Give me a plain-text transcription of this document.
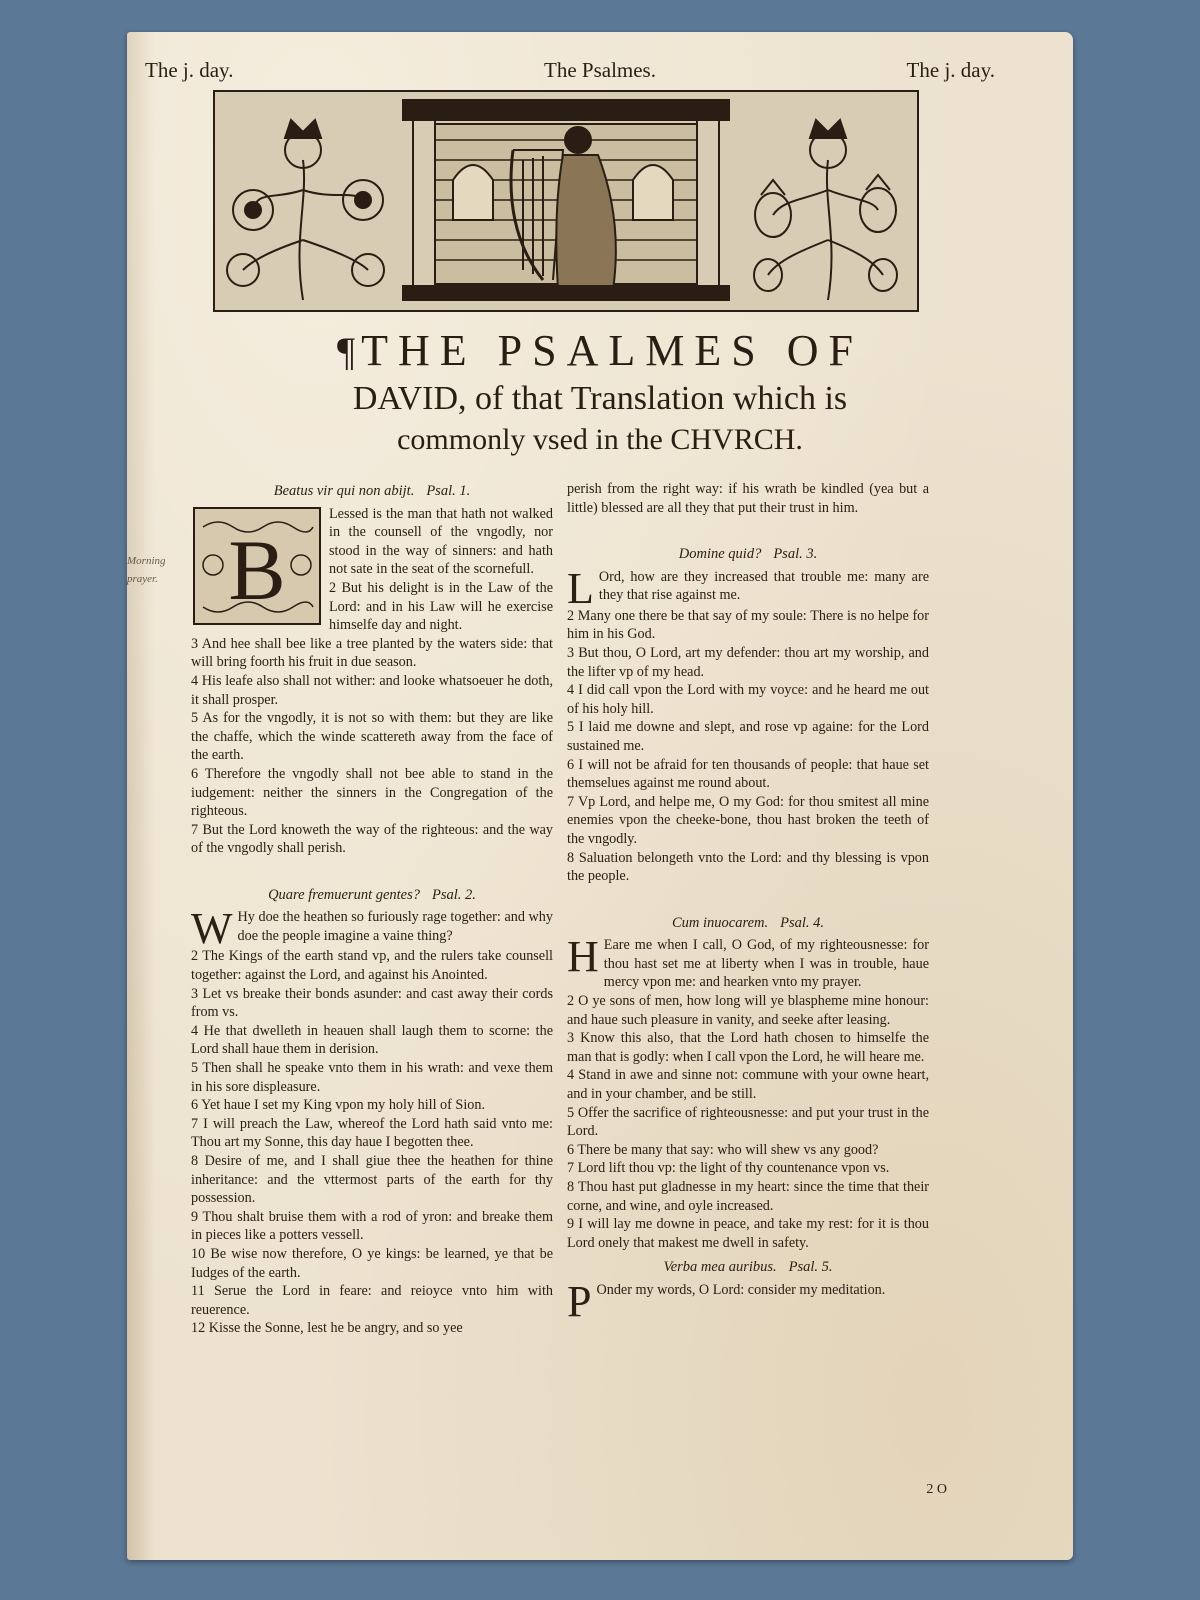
Morning prayer.
The j. day.	The Psalmes.	The j. day.
¶ THE PSALMES OF
DAVID, of that Translation which is
commonly vsed in the CHVRCH.
Beatus vir qui non abijt. Psal. 1.
B

Lessed is the man that hath not walked in the counsell of the vngodly, nor stood in the way of sinners: and hath not sate in the seat of the scornefull.

2 But his delight is in the Law of the Lord: and in his Law will he exercise himselfe day and night.

3 And hee shall bee like a tree planted by the waters side: that will bring foorth his fruit in due season.

4 His leafe also shall not wither: and looke whatsoeuer he doth, it shall prosper.

5 As for the vngodly, it is not so with them: but they are like the chaffe, which the winde scattereth away from the face of the earth.

6 Therefore the vngodly shall not bee able to stand in the iudgement: neither the sinners in the Congregation of the righteous.

7 But the Lord knoweth the way of the righteous: and the way of the vngodly shall perish.

Quare fremuerunt gentes? Psal. 2.

W Hy doe the heathen so furiously rage together: and why doe the people imagine a vaine thing?

2 The Kings of the earth stand vp, and the rulers take counsell together: against the Lord, and against his Anointed.

3 Let vs breake their bonds asunder: and cast away their cords from vs.

4 He that dwelleth in heauen shall laugh them to scorne: the Lord shall haue them in derision.

5 Then shall he speake vnto them in his wrath: and vexe them in his sore displeasure.

6 Yet haue I set my King vpon my holy hill of Sion.

7 I will preach the Law, whereof the Lord hath said vnto me: Thou art my Sonne, this day haue I begotten thee.

8 Desire of me, and I shall giue thee the heathen for thine inheritance: and the vttermost parts of the earth for thy possession.

9 Thou shalt bruise them with a rod of yron: and breake them in pieces like a potters vessell.

10 Be wise now therefore, O ye kings: be learned, ye that be Iudges of the earth.

11 Serue the Lord in feare: and reioyce vnto him with reuerence.

12 Kisse the Sonne, lest he be angry, and so yee

perish from the right way: if his wrath be kindled (yea but a little) blessed are all they that put their trust in him.

Domine quid? Psal. 3.

L Ord, how are they increased that trouble me: many are they that rise against me.

2 Many one there be that say of my soule: There is no helpe for him in his God.

3 But thou, O Lord, art my defender: thou art my worship, and the lifter vp of my head.

4 I did call vpon the Lord with my voyce: and he heard me out of his holy hill.

5 I laid me downe and slept, and rose vp againe: for the Lord sustained me.

6 I will not be afraid for ten thousands of people: that haue set themselues against me round about.

7 Vp Lord, and helpe me, O my God: for thou smitest all mine enemies vpon the cheeke-bone, thou hast broken the teeth of the vngodly.

8 Saluation belongeth vnto the Lord: and thy blessing is vpon the people.

Cum inuocarem. Psal. 4.

H Eare me when I call, O God, of my righteousnesse: for thou hast set me at liberty when I was in trouble, haue mercy vpon me: and hearken vnto my prayer.

2 O ye sons of men, how long will ye blaspheme mine honour: and haue such pleasure in vanity, and seeke after leasing.

3 Know this also, that the Lord hath chosen to himselfe the man that is godly: when I call vpon the Lord, he will heare me.

4 Stand in awe and sinne not: commune with your owne heart, and in your chamber, and be still.

5 Offer the sacrifice of righteousnesse: and put your trust in the Lord.

6 There be many that say: who will shew vs any good?

7 Lord lift thou vp: the light of thy countenance vpon vs.

8 Thou hast put gladnesse in my heart: since the time that their corne, and wine, and oyle increased.

9 I will lay me downe in peace, and take my rest: for it is thou Lord onely that makest me dwell in safety.

Verba mea auribus. Psal. 5.

P Onder my words, O Lord: consider my meditation.

2 O
